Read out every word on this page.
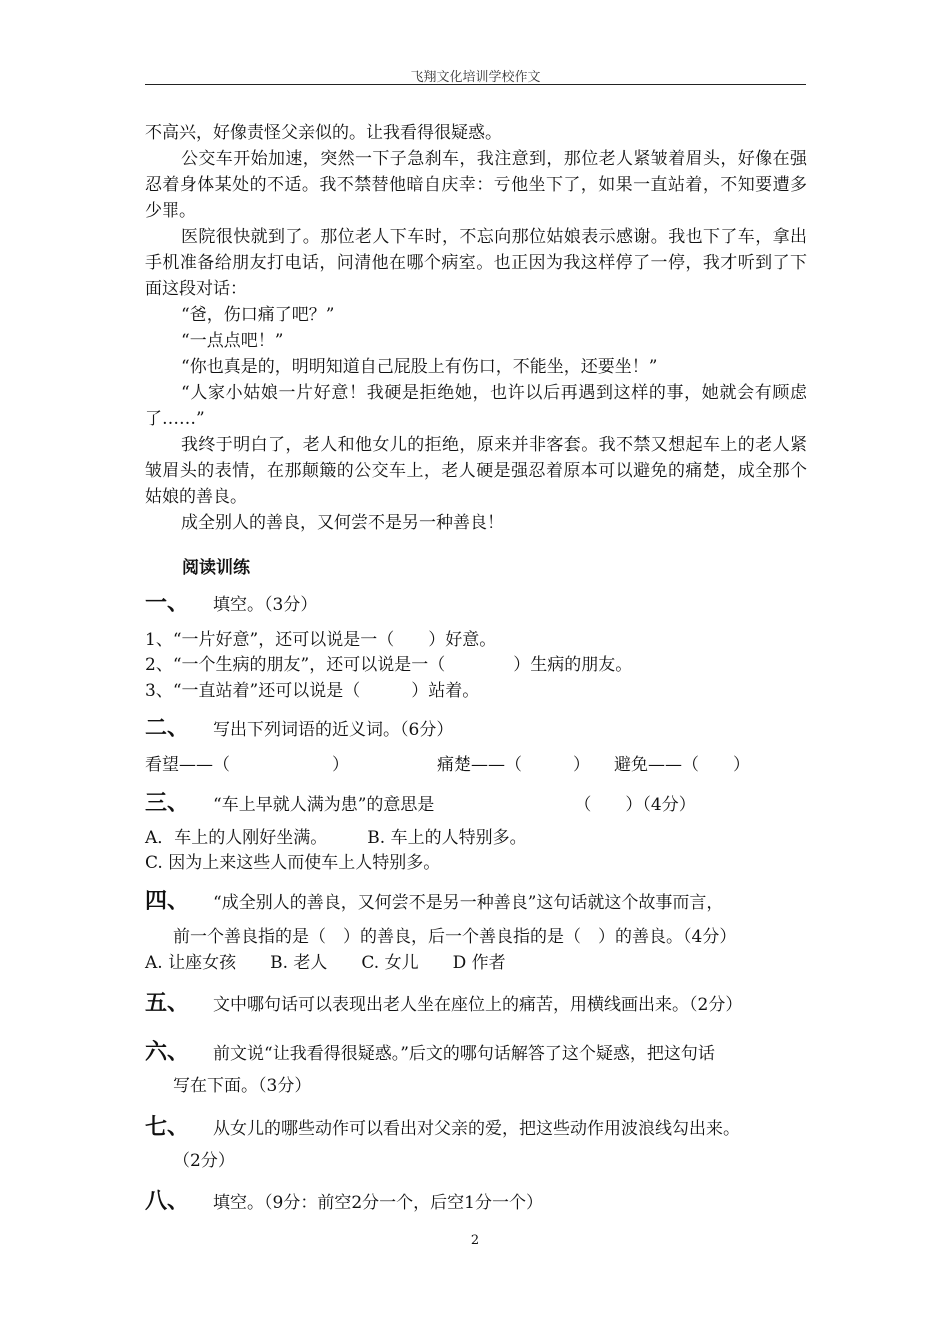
飞翔文化培训学校作文

不高兴，好像责怪父亲似的。让我看得很疑惑。

公交车开始加速，突然一下子急刹车，我注意到，那位老人紧皱着眉头，好像在强忍着身体某处的不适。我不禁替他暗自庆幸：亏他坐下了，如果一直站着，不知要遭多少罪。

医院很快就到了。那位老人下车时，不忘向那位姑娘表示感谢。我也下了车，拿出手机准备给朋友打电话，问清他在哪个病室。也正因为我这样停了一停，我才听到了下面这段对话：

“爸，伤口痛了吧？”

“一点点吧！”

“你也真是的，明明知道自己屁股上有伤口，不能坐，还要坐！”

“人家小姑娘一片好意！我硬是拒绝她，也许以后再遇到这样的事，她就会有顾虑了……”

我终于明白了，老人和他女儿的拒绝，原来并非客套。我不禁又想起车上的老人紧皱眉头的表情，在那颠簸的公交车上，老人硬是强忍着原本可以避免的痛楚，成全那个姑娘的善良。

成全别人的善良，又何尝不是另一种善良！

阅读训练
一、 填空。（3分）
1、“一片好意”，还可以说是一（　　）好意。
2、“一个生病的朋友”，还可以说是一（　　　　）生病的朋友。
3、“一直站着”还可以说是（　　　）站着。
二、 写出下列词语的近义词。（6分）
看望——（　　　　　　）	痛楚——（　　　） 避免——（　　）
三、 “车上早就人满为患”的意思是	（　　）（4分）
A．车上的人刚好坐满。 B. 车上的人特别多。
C. 因为上来这些人而使车上人特别多。
四、 “成全别人的善良，又何尝不是另一种善良”这句话就这个故事而言，
前一个善良指的是（　）的善良，后一个善良指的是（　）的善良。（4分）
A. 让座女孩　　B. 老人　　C. 女儿　　D 作者
五、 文中哪句话可以表现出老人坐在座位上的痛苦，用横线画出来。（2分）
六、 前文说“让我看得很疑惑。”后文的哪句话解答了这个疑惑，把这句话
写在下面。（3分）
七、 从女儿的哪些动作可以看出对父亲的爱，把这些动作用波浪线勾出来。
（2分）
八、 填空。（9分：前空2分一个，后空1分一个）
2
